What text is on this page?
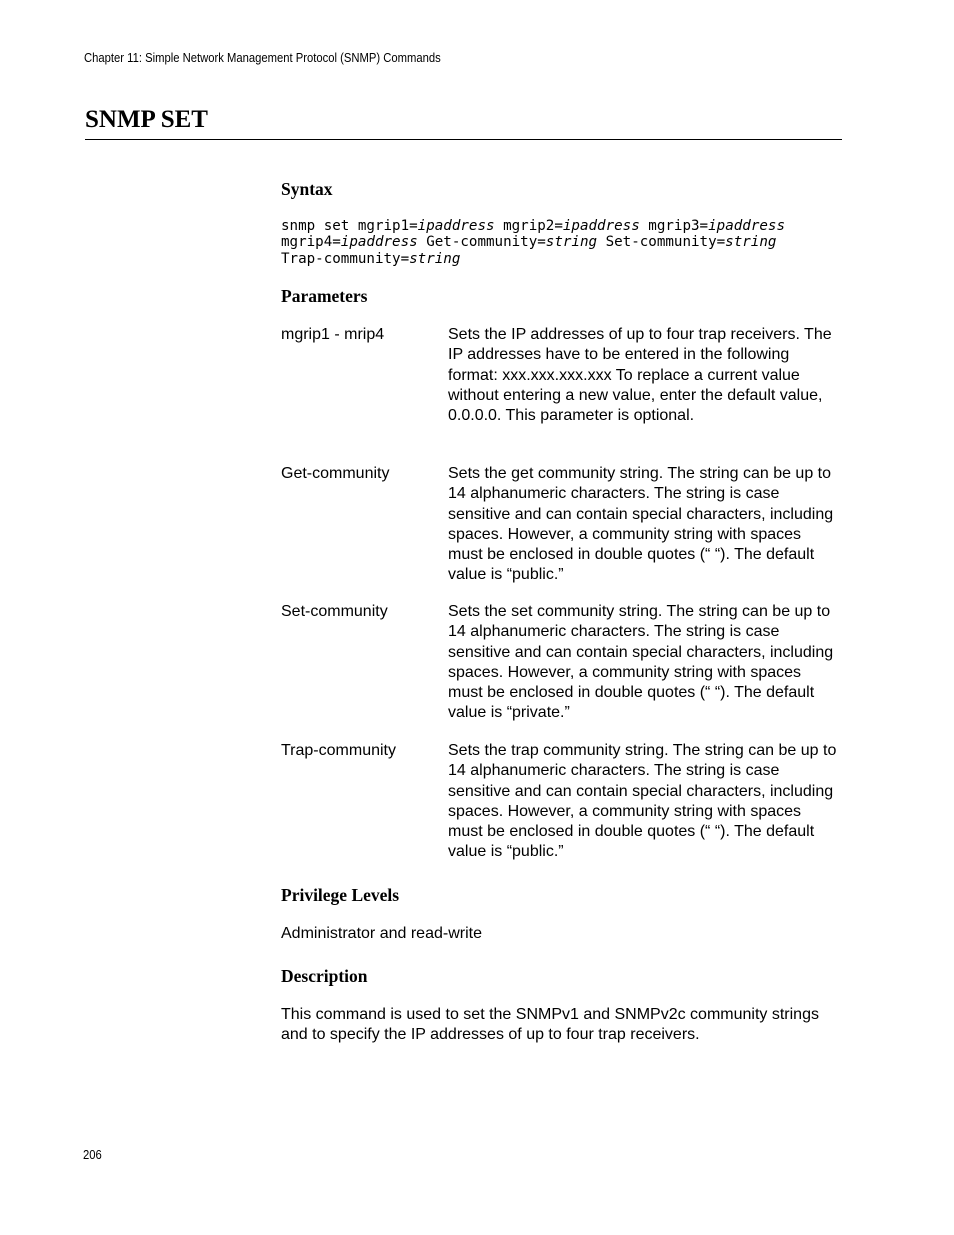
Chapter 11: Simple Network Management Protocol (SNMP) Commands
SNMP SET
Syntax
snmp set mgrip1=ipaddress mgrip2=ipaddress mgrip3=ipaddress
mgrip4=ipaddress Get-community=string Set-community=string
Trap-community=string
Parameters
mgrip1 - mrip4	Sets the IP addresses of up to four trap receivers. The IP addresses have to be entered in the following format: xxx.xxx.xxx.xxx To replace a current value without entering a new value, enter the default value, 0.0.0.0. This parameter is optional.
Get-community	Sets the get community string. The string can be up to 14 alphanumeric characters. The string is case sensitive and can contain special characters, including spaces. However, a community string with spaces must be enclosed in double quotes (“ “). The default value is “public.”
Set-community	Sets the set community string. The string can be up to 14 alphanumeric characters. The string is case sensitive and can contain special characters, including spaces. However, a community string with spaces must be enclosed in double quotes (“ “). The default value is “private.”
Trap-community	Sets the trap community string. The string can be up to 14 alphanumeric characters. The string is case sensitive and can contain special characters, including spaces. However, a community string with spaces must be enclosed in double quotes (“ “). The default value is “public.”
Privilege Levels
Administrator and read-write
Description
This command is used to set the SNMPv1 and SNMPv2c community strings and to specify the IP addresses of up to four trap receivers.
206
